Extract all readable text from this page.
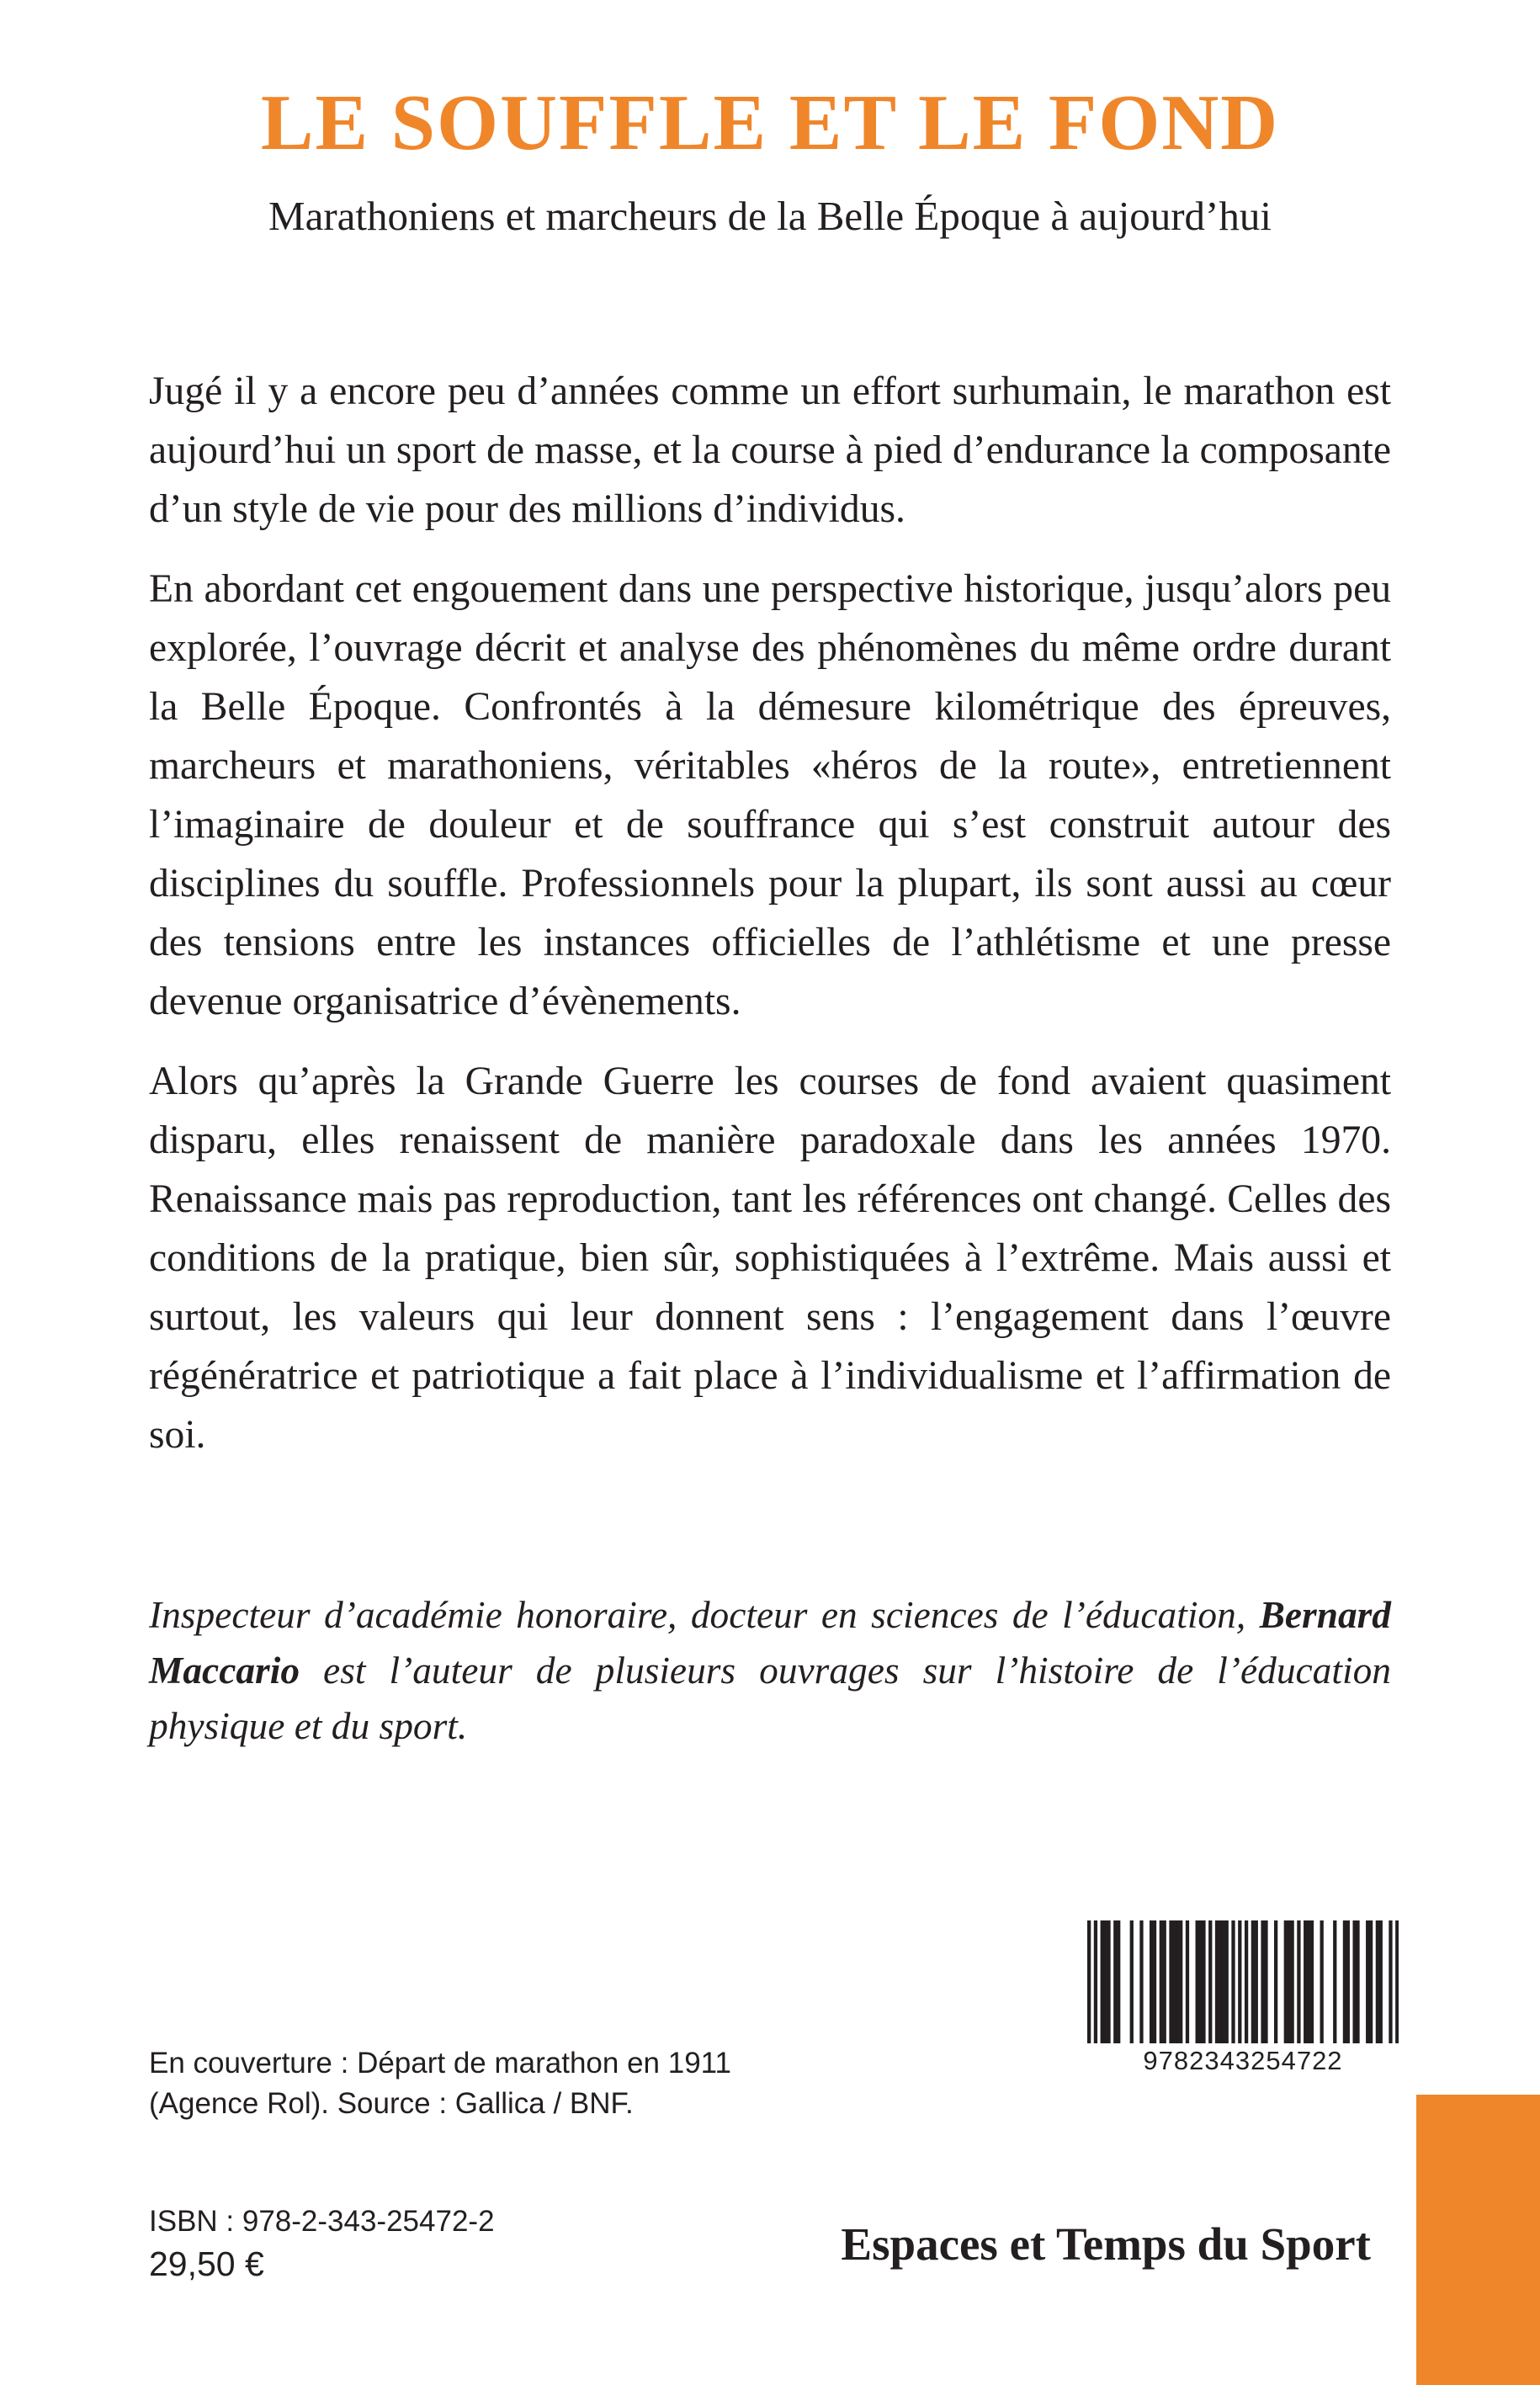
LE SOUFFLE ET LE FOND

Marathoniens et marcheurs de la Belle Époque à aujourd’hui

Jugé il y a encore peu d’années comme un effort surhumain, le marathon est aujourd’hui un sport de masse, et la course à pied d’endurance la composante d’un style de vie pour des millions d’individus.

En abordant cet engouement dans une perspective historique, jusqu’alors peu explorée, l’ouvrage décrit et analyse des phénomènes du même ordre durant la Belle Époque. Confrontés à la démesure kilométrique des épreuves, marcheurs et marathoniens, véritables «héros de la route», entretiennent l’imaginaire de douleur et de souffrance qui s’est construit autour des disciplines du souffle. Professionnels pour la plupart, ils sont aussi au cœur des tensions entre les instances officielles de l’athlétisme et une presse devenue organisatrice d’évènements.

Alors qu’après la Grande Guerre les courses de fond avaient quasiment disparu, elles renaissent de manière paradoxale dans les années 1970. Renaissance mais pas reproduction, tant les références ont changé. Celles des conditions de la pratique, bien sûr, sophistiquées à l’extrême. Mais aussi et surtout, les valeurs qui leur donnent sens : l’engagement dans l’œuvre régénératrice et patriotique a fait place à l’individualisme et l’affirmation de soi.

Inspecteur d’académie honoraire, docteur en sciences de l’éducation, Bernard Maccario est l’auteur de plusieurs ouvrages sur l’histoire de l’éducation physique et du sport.

9782343254722

En couverture : Départ de marathon en 1911
(Agence Rol). Source : Gallica / BNF.

ISBN : 978-2-343-25472-2

29,50 €	Espaces et Temps du Sport
